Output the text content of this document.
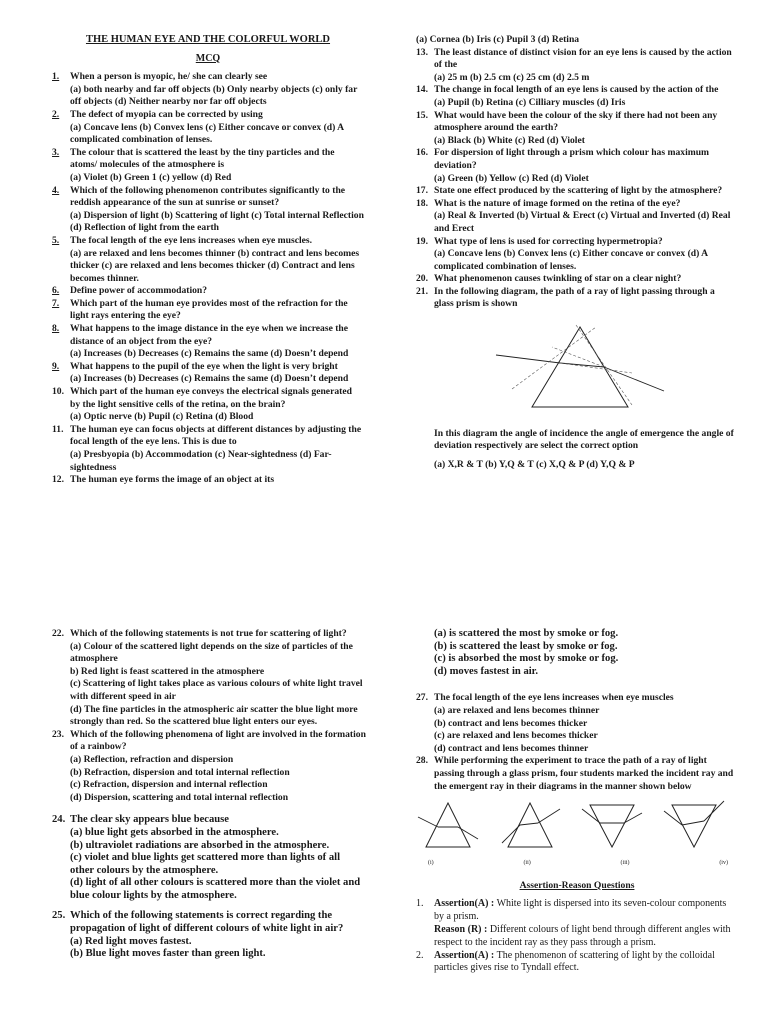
THE HUMAN EYE AND THE COLORFUL WORLD

MCQ

1.	When a person is myopic, he/ she can clearly see

(a) both nearby and far off objects (b) Only nearby objects (c) only far off objects (d) Neither nearby nor far off objects

2.	The defect of myopia can be corrected by using

(a) Concave lens (b) Convex lens (c) Either concave or convex (d) A complicated combination of lenses.

3.	The colour that is scattered the least by the tiny particles and the atoms/ molecules of the atmosphere is

(a) Violet (b) Green 1 (c) yellow (d) Red

4.	Which of the following phenomenon contributes significantly to the reddish appearance of the sun at sunrise or sunset?

(a) Dispersion of light (b) Scattering of light (c) Total internal Reflection (d) Reflection of light from the earth

5.	The focal length of the eye lens increases when eye muscles.

(a) are relaxed and lens becomes thinner (b) contract and lens becomes thicker (c) are relaxed and lens becomes thicker (d) Contract and lens becomes thinner.

6.	Define power of accommodation?
7.	Which part of the human eye provides most of the refraction for the light rays entering the eye?
8.	What happens to the image distance in the eye when we increase the distance of an object from the eye?

(a) Increases (b) Decreases (c) Remains the same (d) Doesn’t depend

9.	What happens to the pupil of the eye when the light is very bright

(a) Increases (b) Decreases (c) Remains the same (d) Doesn’t depend

10. Which part of the human eye conveys the electrical signals generated by the light sensitive cells of the retina, on the brain?

(a) Optic nerve (b) Pupil (c) Retina (d) Blood

11. The human eye can focus objects at different distances by adjusting the focal length of the eye lens. This is due to

(a) Presbyopia (b) Accommodation (c) Near-sightedness (d) Far-sightedness

12. The human eye forms the image of an object at its

(a) Cornea (b) Iris (c) Pupil 3 (d) Retina

13. The least distance of distinct vision for an eye lens is caused by the action of the

(a) 25 m (b) 2.5 cm (c) 25 cm (d) 2.5 m

14. The change in focal length of an eye lens is caused by the action of the

(a) Pupil (b) Retina (c) Cilliary muscles (d) Iris

15. What would have been the colour of the sky if there had not been any atmosphere around the earth?

(a) Black (b) White (c) Red (d) Violet

16. For dispersion of light through a prism which colour has maximum deviation?

(a) Green (b) Yellow (c) Red (d) Violet

17. State one effect produced by the scattering of light by the atmosphere?
18. What is the nature of image formed on the retina of the eye?

(a) Real & Inverted (b) Virtual & Erect (c) Virtual and Inverted (d) Real and Erect

19. What type of lens is used for correcting hypermetropia?

(a) Concave lens (b) Convex lens (c) Either concave or convex (d) A complicated combination of lenses.

20. What phenomenon causes twinkling of star on a clear night?
21. In the following diagram, the path of a ray of light passing through a glass prism is shown

In this diagram the angle of incidence the angle of emergence the angle of deviation respectively are select the correct option

(a) X,R & T (b) Y,Q & T (c) X,Q & P (d) Y,Q & P

22. Which of the following statements is not true for scattering of light?

(a) Colour of the scattered light depends on the size of particles of the atmosphere

b) Red light is feast scattered in the atmosphere

(c) Scattering of light takes place as various colours of white light travel with different speed in air

(d) The fine particles in the atmospheric air scatter the blue light more strongly than red. So the scattered blue light enters our eyes.

23. Which of the following phenomena of light are involved in the formation of a rainbow?

(a) Reflection, refraction and dispersion

(b) Refraction, dispersion and total internal reflection

(c) Refraction, dispersion and internal reflection

(d) Dispersion, scattering and total internal reflection

24. The clear sky appears blue because

(a) blue light gets absorbed in the atmosphere.

(b) ultraviolet radiations are absorbed in the atmosphere.

(c) violet and blue lights get scattered more than lights of all other colours by the atmosphere.

(d) light of all other colours is scattered more than the violet and blue colour lights by the atmosphere.

25. Which of the following statements is correct regarding the propagation of light of different colours of white light in air?

(a) Red light moves fastest.

(b) Blue light moves faster than green light.

(a) is scattered the most by smoke or fog.

(b) is scattered the least by smoke or fog.

(c) is absorbed the most by smoke or fog.

(d) moves fastest in air.

27. The focal length of the eye lens increases when eye muscles

(a) are relaxed and lens becomes thinner

(b) contract and lens becomes thicker

(c) are relaxed and lens becomes thicker

(d) contract and lens becomes thinner

28. While performing the experiment to trace the path of a ray of light passing through a glass prism, four students marked the incident ray and the emergent ray in their diagrams in the manner shown below
(i)	(ii)	(iii)	(iv)

Assertion-Reason Questions

1.	Assertion(A) : White light is dispersed into its seven-colour components by a prism.
Reason (R) : Different colours of light bend through different angles with respect to the incident ray as they pass through a prism.
2.	Assertion(A) : The phenomenon of scattering of light by the colloidal particles gives rise to Tyndall effect.
